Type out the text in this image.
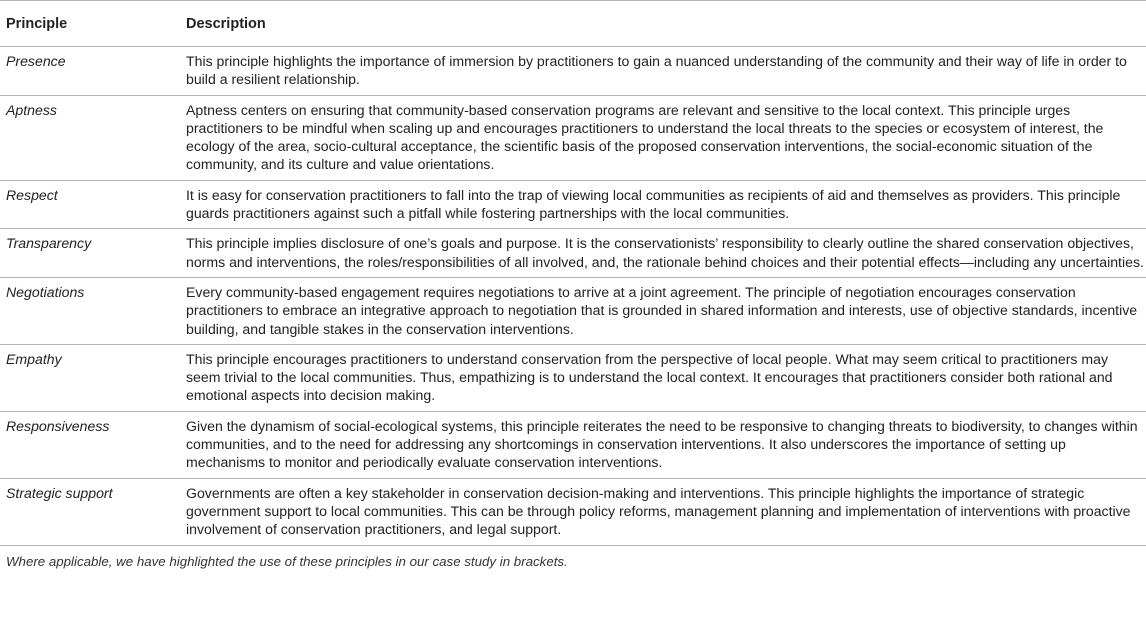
Principle	Description
Presence	This principle highlights the importance of immersion by practitioners to gain a nuanced understanding of the community and their way of life in order to build a resilient relationship.
Aptness	Aptness centers on ensuring that community-based conservation programs are relevant and sensitive to the local context. This principle urges practitioners to be mindful when scaling up and encourages practitioners to understand the local threats to the species or ecosystem of interest, the ecology of the area, socio-cultural acceptance, the scientific basis of the proposed conservation interventions, the social-economic situation of the community, and its culture and value orientations.
Respect	It is easy for conservation practitioners to fall into the trap of viewing local communities as recipients of aid and themselves as providers. This principle guards practitioners against such a pitfall while fostering partnerships with the local communities.
Transparency	This principle implies disclosure of one’s goals and purpose. It is the conservationists’ responsibility to clearly outline the shared conservation objectives, norms and interventions, the roles/responsibilities of all involved, and, the rationale behind choices and their potential effects—including any uncertainties.
Negotiations	Every community-based engagement requires negotiations to arrive at a joint agreement. The principle of negotiation encourages conservation practitioners to embrace an integrative approach to negotiation that is grounded in shared information and interests, use of objective standards, incentive building, and tangible stakes in the conservation interventions.
Empathy	This principle encourages practitioners to understand conservation from the perspective of local people. What may seem critical to practitioners may seem trivial to the local communities. Thus, empathizing is to understand the local context. It encourages that practitioners consider both rational and emotional aspects into decision making.
Responsiveness	Given the dynamism of social-ecological systems, this principle reiterates the need to be responsive to changing threats to biodiversity, to changes within communities, and to the need for addressing any shortcomings in conservation interventions. It also underscores the importance of setting up mechanisms to monitor and periodically evaluate conservation interventions.
Strategic support	Governments are often a key stakeholder in conservation decision-making and interventions. This principle highlights the importance of strategic government support to local communities. This can be through policy reforms, management planning and implementation of interventions with proactive involvement of conservation practitioners, and legal support.
Where applicable, we have highlighted the use of these principles in our case study in brackets.
